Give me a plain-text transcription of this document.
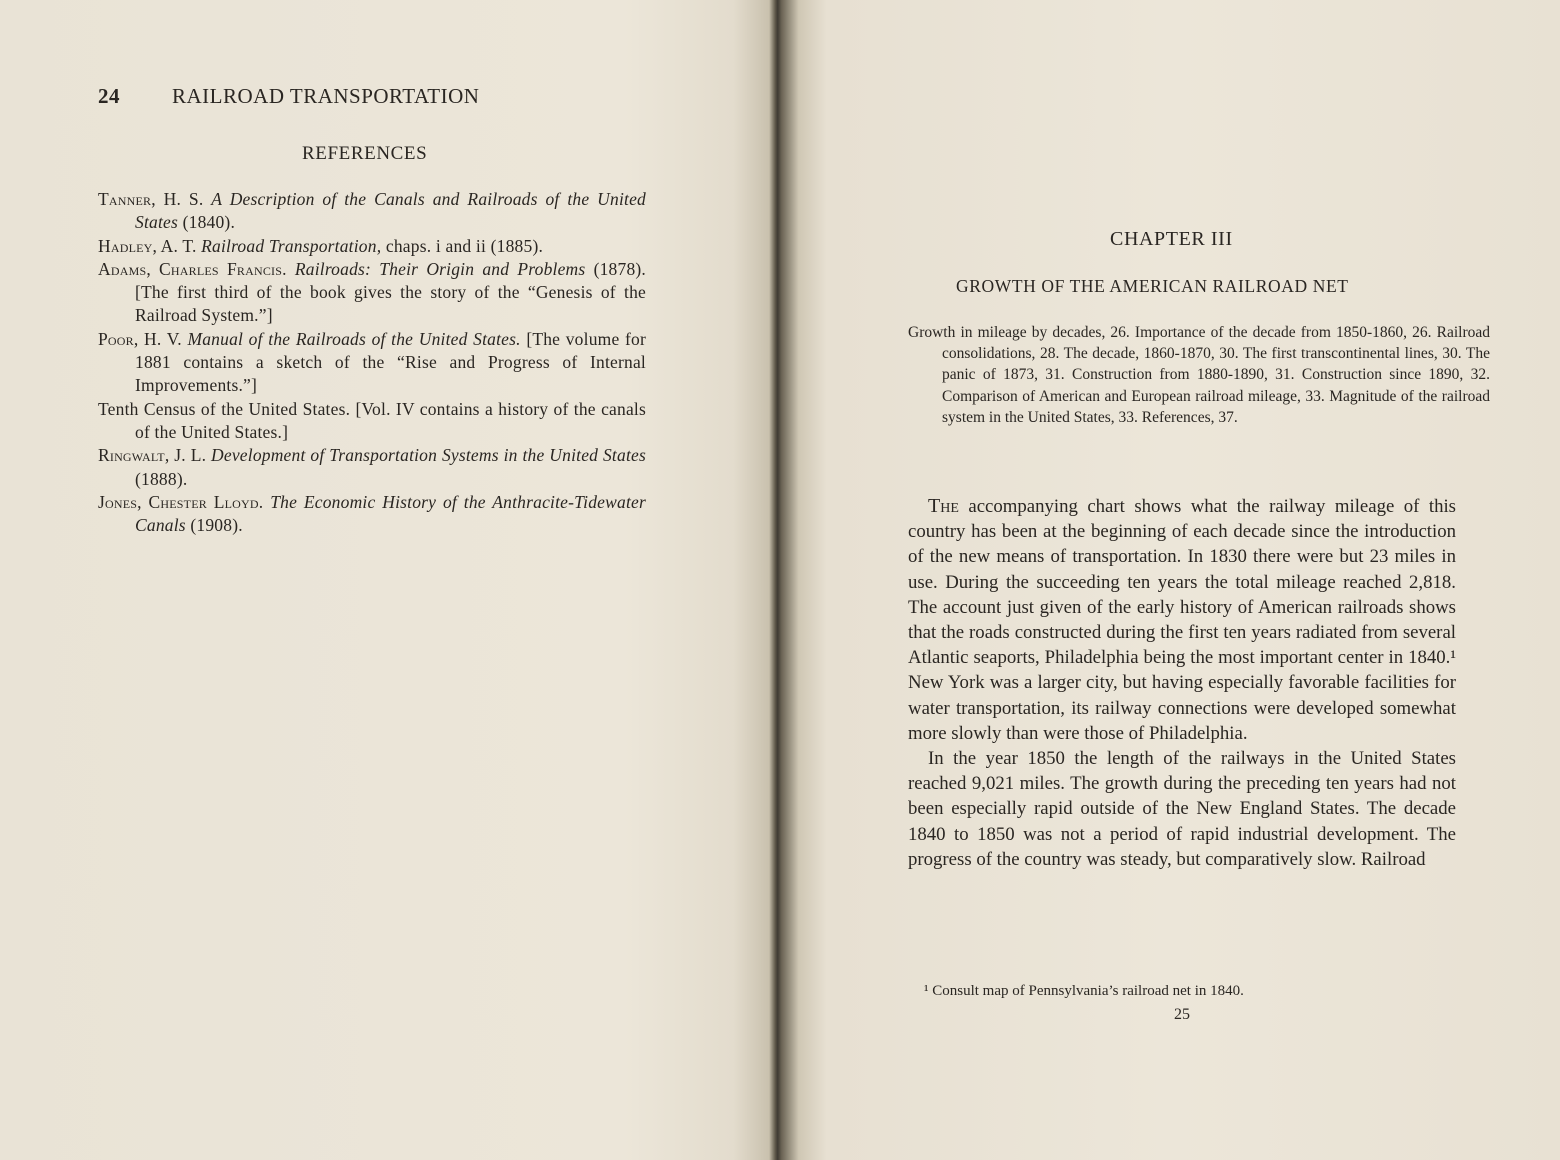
24 RAILROAD TRANSPORTATION
REFERENCES
Tanner, H. S. A Description of the Canals and Railroads of the United States (1840).
Hadley, A. T. Railroad Transportation, chaps. i and ii (1885).
Adams, Charles Francis. Railroads: Their Origin and Problems (1878). [The first third of the book gives the story of the “Genesis of the Railroad System.”]
Poor, H. V. Manual of the Railroads of the United States. [The volume for 1881 contains a sketch of the “Rise and Progress of Internal Improvements.”]
Tenth Census of the United States. [Vol. IV contains a history of the canals of the United States.]
Ringwalt, J. L. Development of Transportation Systems in the United States (1888).
Jones, Chester Lloyd. The Economic History of the Anthracite-Tidewater Canals (1908).
CHAPTER III
GROWTH OF THE AMERICAN RAILROAD NET
Growth in mileage by decades, 26. Importance of the decade from 1850-1860, 26. Railroad consolidations, 28. The decade, 1860-1870, 30. The first transcontinental lines, 30. The panic of 1873, 31. Construction from 1880-1890, 31. Construction since 1890, 32. Comparison of American and European railroad mileage, 33. Magnitude of the railroad system in the United States, 33. References, 37.

The accompanying chart shows what the railway mileage of this country has been at the beginning of each decade since the introduction of the new means of transportation. In 1830 there were but 23 miles in use. During the succeeding ten years the total mileage reached 2,818. The account just given of the early history of American railroads shows that the roads constructed during the first ten years radiated from several Atlantic seaports, Philadelphia being the most important center in 1840.¹ New York was a larger city, but having especially favorable facilities for water transportation, its railway connections were developed somewhat more slowly than were those of Philadelphia.

In the year 1850 the length of the railways in the United States reached 9,021 miles. The growth during the preceding ten years had not been especially rapid outside of the New England States. The decade 1840 to 1850 was not a period of rapid industrial development. The progress of the country was steady, but comparatively slow. Railroad

¹ Consult map of Pennsylvania’s railroad net in 1840.
25
